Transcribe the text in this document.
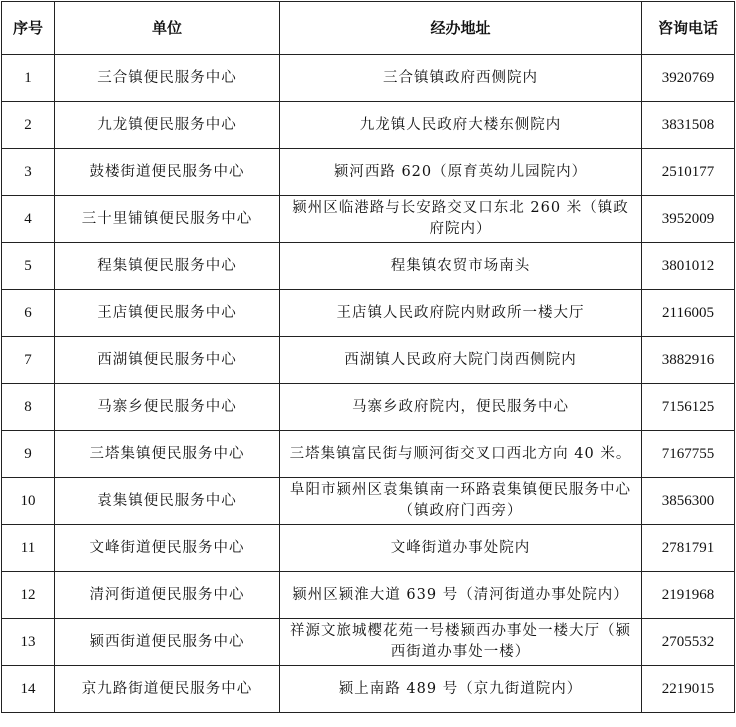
序号	单位	经办地址	咨询电话
1	三合镇便民服务中心	三合镇镇政府西侧院内	3920769
2	九龙镇便民服务中心	九龙镇人民政府大楼东侧院内	3831508
3	鼓楼街道便民服务中心	颍河西路 620（原育英幼儿园院内）	2510177
4	三十里铺镇便民服务中心	颍州区临港路与长安路交叉口东北 260 米（镇政府院内）	3952009
5	程集镇便民服务中心	程集镇农贸市场南头	3801012
6	王店镇便民服务中心	王店镇人民政府院内财政所一楼大厅	2116005
7	西湖镇便民服务中心	西湖镇人民政府大院门岗西侧院内	3882916
8	马寨乡便民服务中心	马寨乡政府院内，便民服务中心	7156125
9	三塔集镇便民服务中心	三塔集镇富民街与顺河街交叉口西北方向 40 米。	7167755
10	袁集镇便民服务中心	阜阳市颍州区袁集镇南一环路袁集镇便民服务中心　（镇政府门西旁）	3856300
11	文峰街道便民服务中心	文峰街道办事处院内	2781791
12	清河街道便民服务中心	颍州区颍淮大道 639 号（清河街道办事处院内）	2191968
13	颍西街道便民服务中心	祥源文旅城樱花苑一号楼颍西办事处一楼大厅（颍西街道办事处一楼）	2705532
14	京九路街道便民服务中心	颍上南路 489 号（京九街道院内）	2219015
